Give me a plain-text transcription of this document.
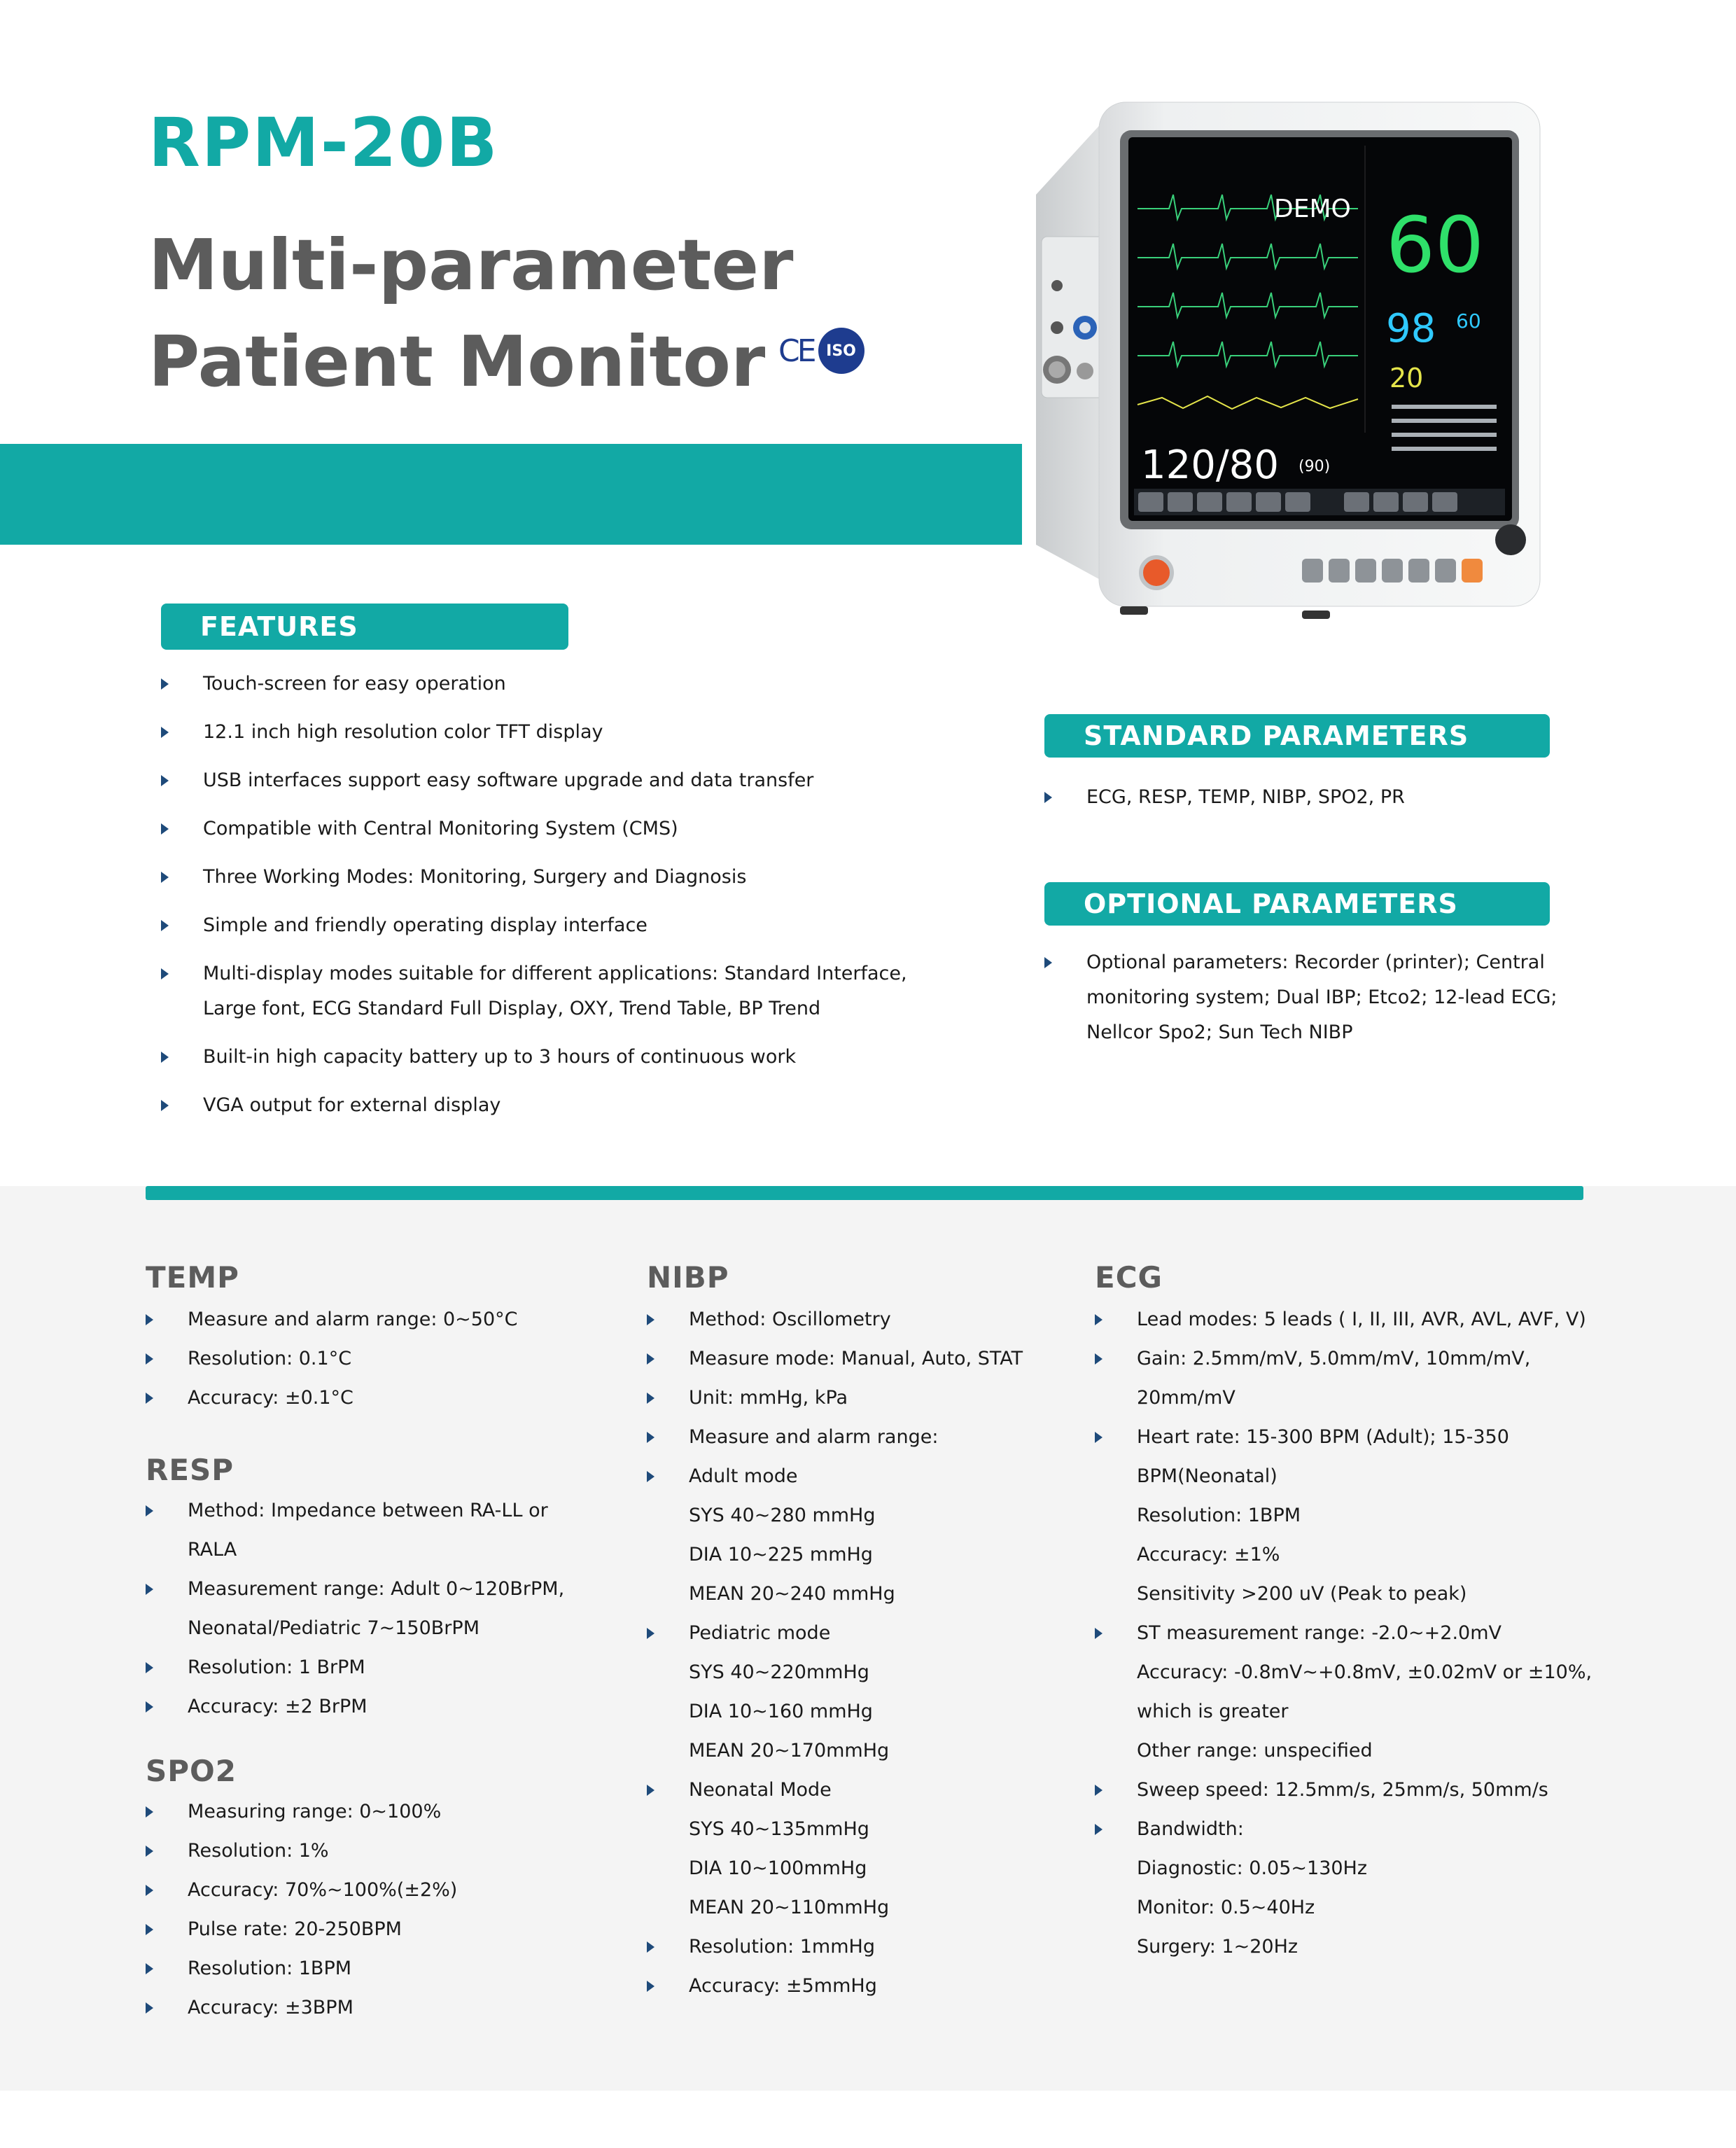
RPM-20B
Multi-parameter
Patient Monitor CE ISO
DEMO 60
98 60
20
120/80 (90)
FEATURES
Touch-screen for easy operation
12.1 inch high resolution color TFT display
USB interfaces support easy software upgrade and data transfer
Compatible with Central Monitoring System (CMS)
Three Working Modes: Monitoring, Surgery and Diagnosis
Simple and friendly operating display interface
Multi-display modes suitable for different applications: Standard Interface,
Large font, ECG Standard Full Display, OXY, Trend Table, BP Trend
Built-in high capacity battery up to 3 hours of continuous work
VGA output for external display
STANDARD PARAMETERS
ECG, RESP, TEMP, NIBP, SPO2, PR
OPTIONAL PARAMETERS
Optional parameters: Recorder (printer); Central
monitoring system; Dual IBP; Etco2; 12-lead ECG;
Nellcor Spo2; Sun Tech NIBP
TEMP
Measure and alarm range: 0~50°C
Resolution: 0.1°C
Accuracy: ±0.1°C
RESP
Method: Impedance between RA-LL or
RALA
Measurement range: Adult 0~120BrPM,
Neonatal/Pediatric 7~150BrPM
Resolution: 1 BrPM
Accuracy: ±2 BrPM
SPO2
Measuring range: 0~100%
Resolution: 1%
Accuracy: 70%~100%(±2%)
Pulse rate: 20-250BPM
Resolution: 1BPM
Accuracy: ±3BPM
NIBP
Method: Oscillometry
Measure mode: Manual, Auto, STAT
Unit: mmHg, kPa
Measure and alarm range:
Adult mode
SYS 40~280 mmHg
DIA 10~225 mmHg
MEAN 20~240 mmHg
Pediatric mode
SYS 40~220mmHg
DIA 10~160 mmHg
MEAN 20~170mmHg
Neonatal Mode
SYS 40~135mmHg
DIA 10~100mmHg
MEAN 20~110mmHg
Resolution: 1mmHg
Accuracy: ±5mmHg
ECG
Lead modes: 5 leads ( I, II, III, AVR, AVL, AVF, V)
Gain: 2.5mm/mV, 5.0mm/mV, 10mm/mV,
20mm/mV
Heart rate: 15-300 BPM (Adult); 15-350
BPM(Neonatal)
Resolution: 1BPM
Accuracy: ±1%
Sensitivity >200 uV (Peak to peak)
ST measurement range: -2.0~+2.0mV
Accuracy: -0.8mV~+0.8mV, ±0.02mV or ±10%,
which is greater
Other range: unspecified
Sweep speed: 12.5mm/s, 25mm/s, 50mm/s
Bandwidth:
Diagnostic: 0.05~130Hz
Monitor: 0.5~40Hz
Surgery: 1~20Hz
